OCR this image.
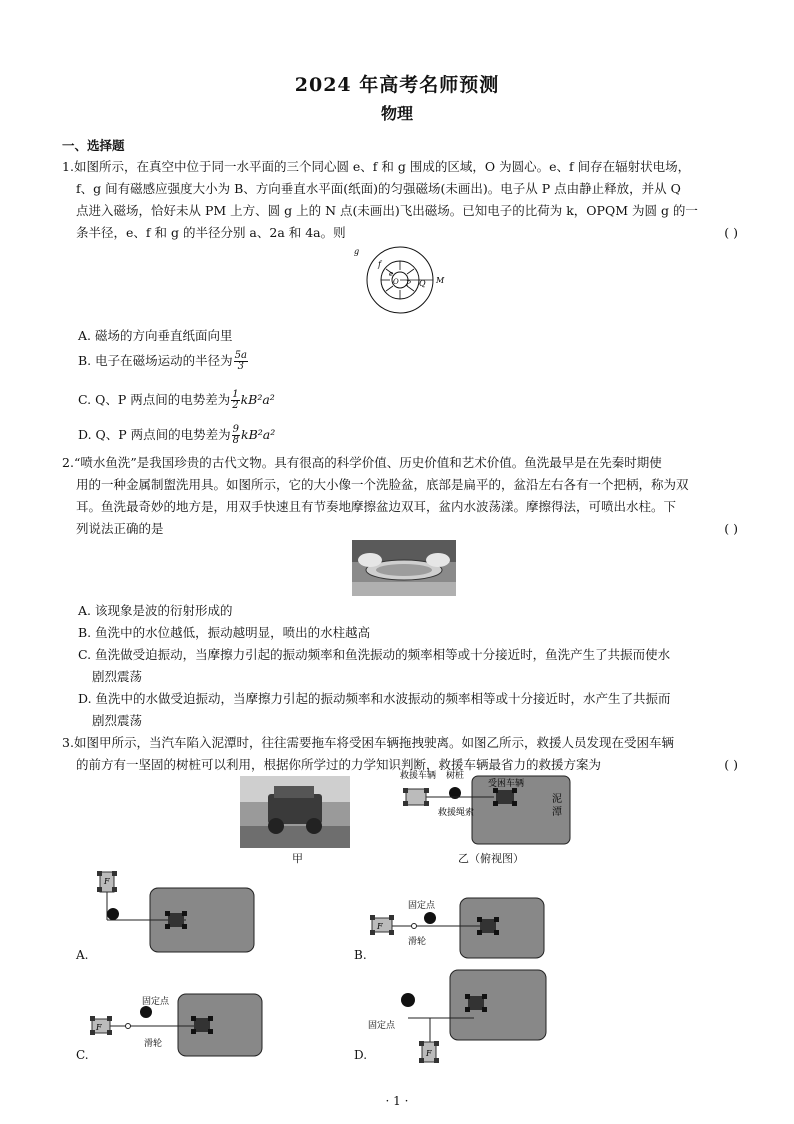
2024 年高考名师预测
物理
一、选择题
1.如图所示，在真空中位于同一水平面的三个同心圆 e、f 和 g 围成的区域，O 为圆心。e、f 间存在辐射状电场，
f、g 间有磁感应强度大小为 B、方向垂直水平面(纸面)的匀强磁场(未画出)。电子从 P 点由静止释放，并从 Q
点进入磁场，恰好未从 PM 上方、圆 g 上的 N 点(未画出)飞出磁场。已知电子的比荷为 k，OPQM 为圆 g 的一
条半径，e、f 和 g 的半径分别 a、2a 和 4a。则	( )
g
f
e
O P Q M
A. 磁场的方向垂直纸面向里
B. 电子在磁场运动的半径为 $\frac{5a}{3}$
C. Q、P 两点间的电势差为 $\frac{1}{2} kB^2a^2$
D. Q、P 两点间的电势差为 $\frac{9}{8} kB^2a^2$
2.“喷水鱼洗”是我国珍贵的古代文物。具有很高的科学价值、历史价值和艺术价值。鱼洗最早是在先秦时期使
用的一种金属制盥洗用具。如图所示，它的大小像一个洗脸盆，底部是扁平的，盆沿左右各有一个把柄，称为双
耳。鱼洗最奇妙的地方是，用双手快速且有节奏地摩擦盆边双耳，盆内水波荡漾。摩擦得法，可喷出水柱。下
列说法正确的是	( )
A. 该现象是波的衍射形成的
B. 鱼洗中的水位越低，振动越明显，喷出的水柱越高
C. 鱼洗做受迫振动，当摩擦力引起的振动频率和鱼洗振动的频率相等或十分接近时，鱼洗产生了共振而使水
剧烈震荡
D. 鱼洗中的水做受迫振动，当摩擦力引起的振动频率和水波振动的频率相等或十分接近时，水产生了共振而
剧烈震荡
3.如图甲所示，当汽车陷入泥潭时，往往需要拖车将受困车辆拖拽驶离。如图乙所示，救援人员发现在受困车辆
的前方有一坚固的树桩可以利用，根据你所学过的力学知识判断，救援车辆最省力的救援方案为	( )
甲
救援车辆 树桩
受困车辆
救援绳索
泥
潭
乙（俯视图）
F
A.
F
固定点
滑轮
B.
F
固定点
滑轮
C.
固定点
F
D.
· 1 ·
